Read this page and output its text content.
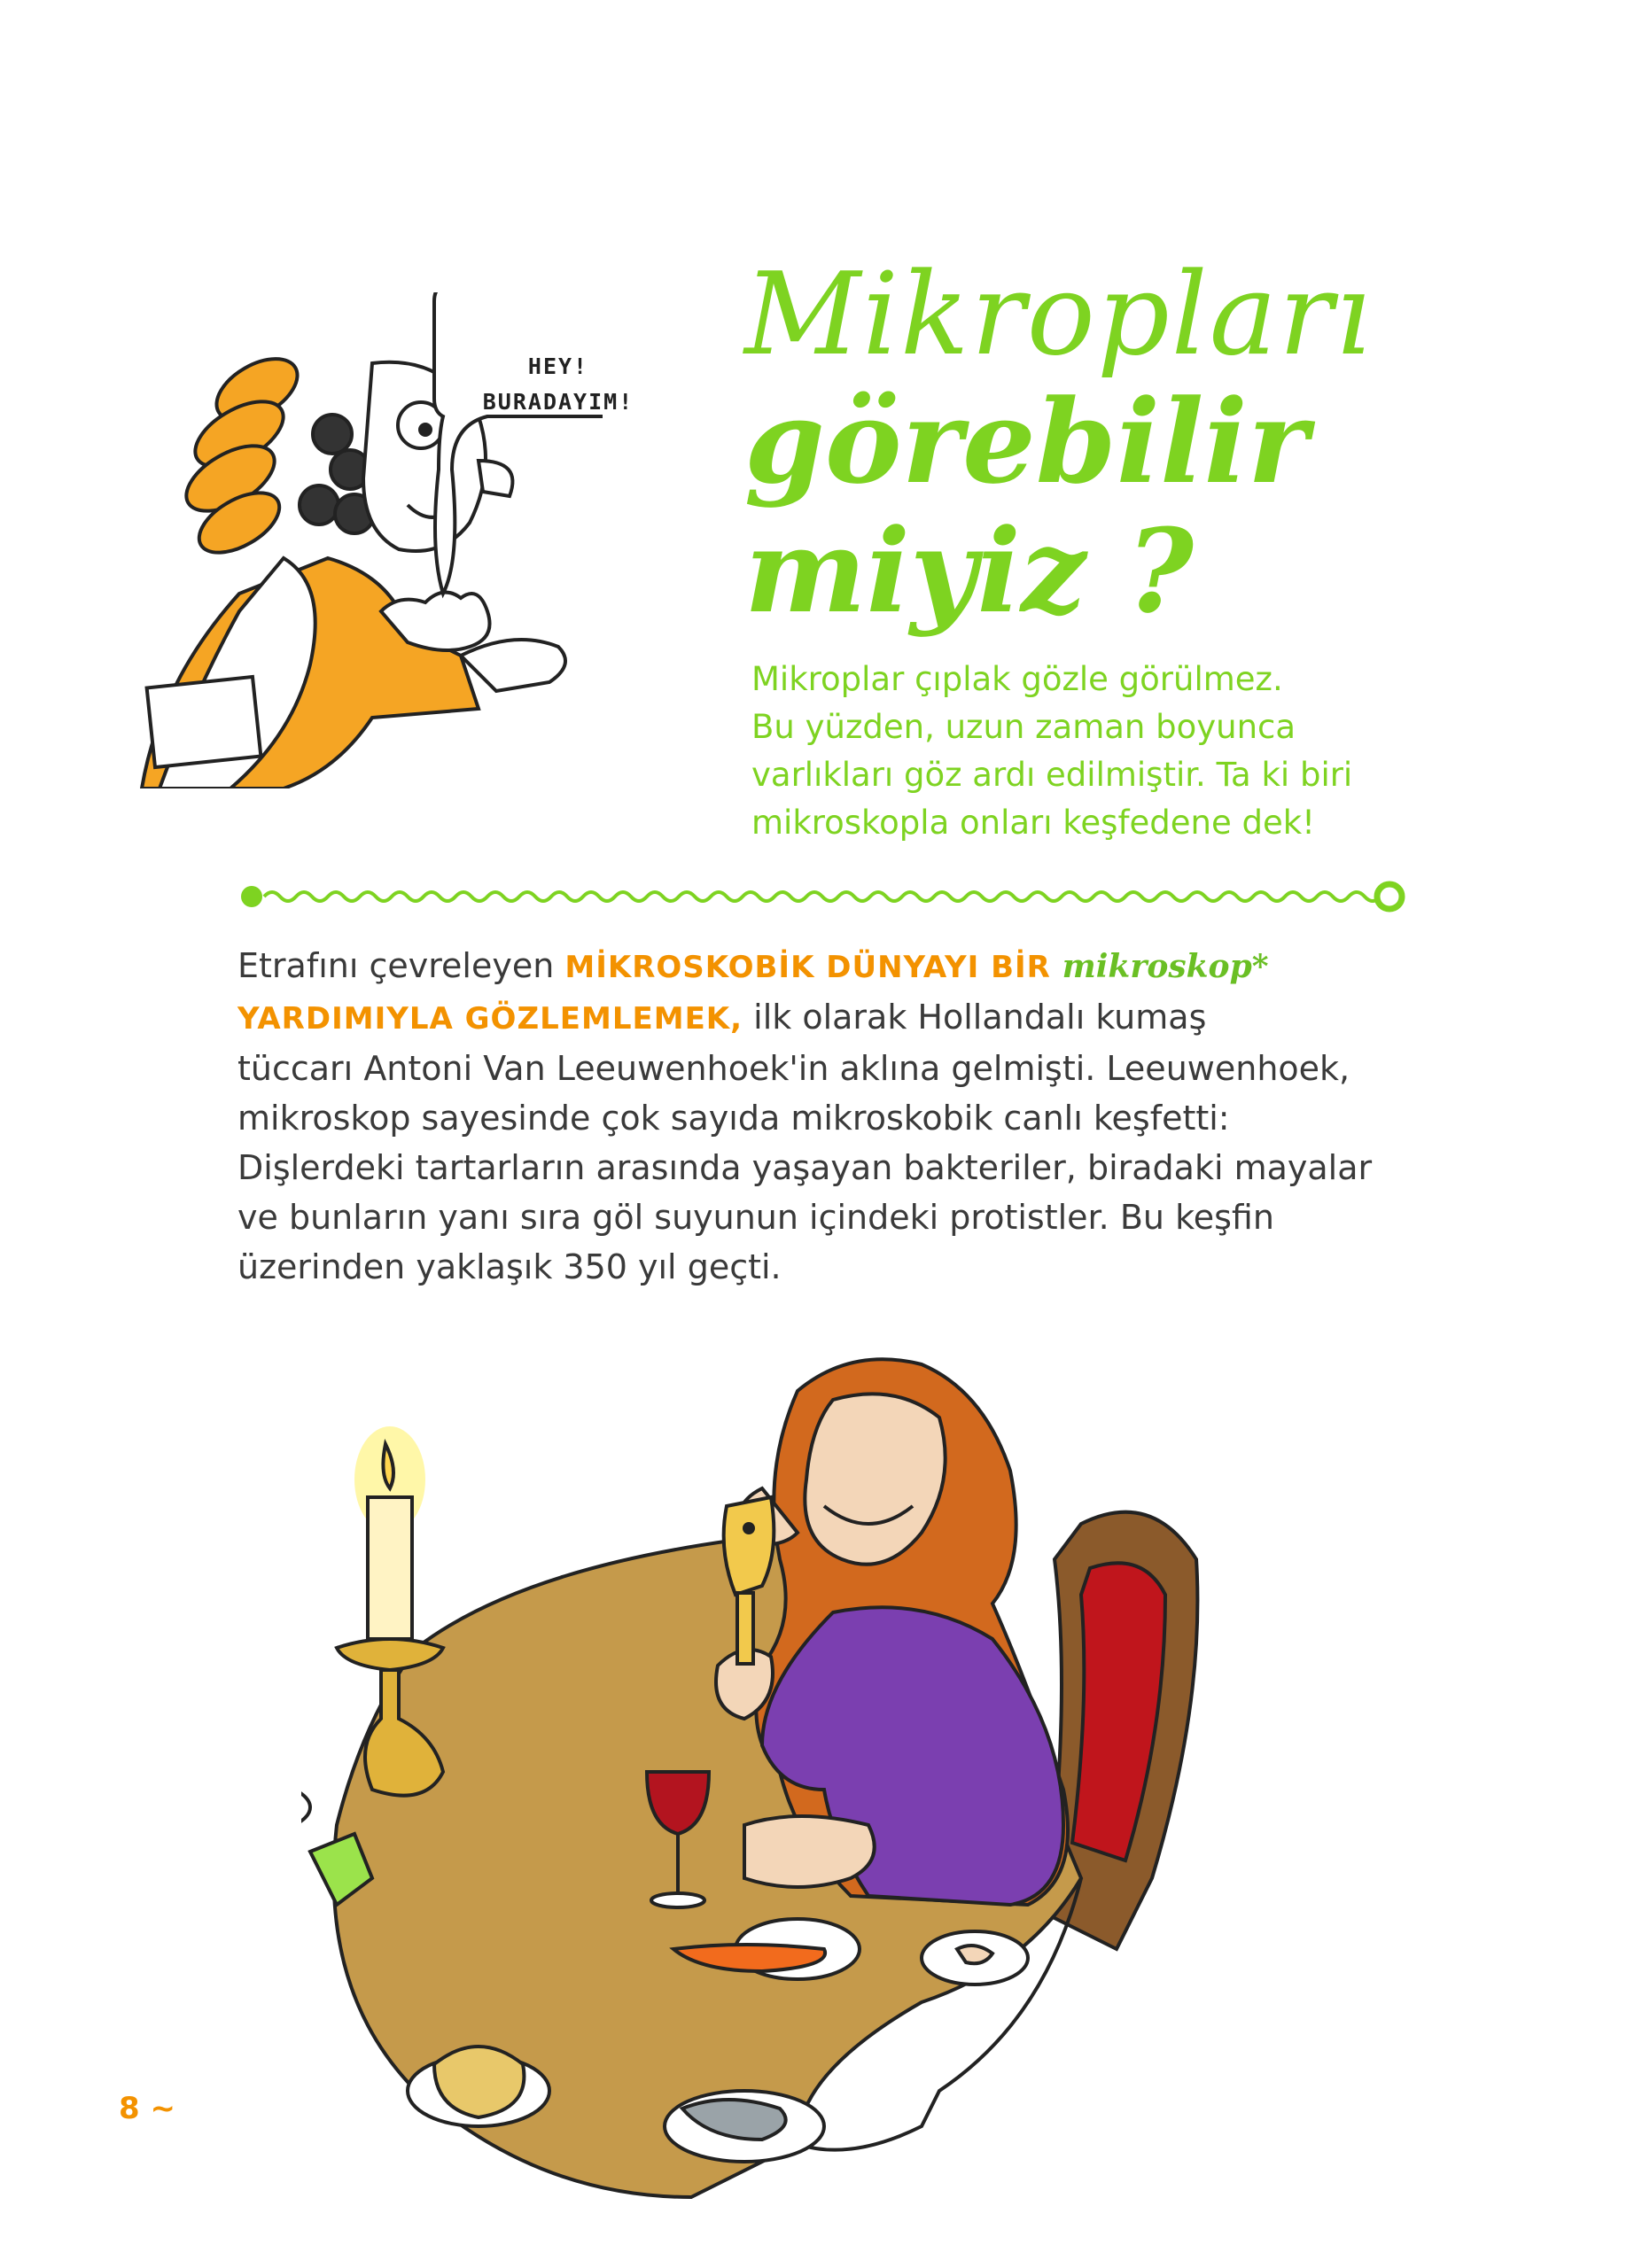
HEY!
BURADAYIM!
Mikropları
görebilir
miyiz ?
Mikroplar çıplak gözle görülmez.
Bu yüzden, uzun zaman boyunca
varlıkları göz ardı edilmiştir. Ta ki biri
mikroskopla onları keşfedene dek!
Etrafını çevreleyen MİKROSKOBİK DÜNYAYI BİR mikroskop*
YARDIMIYLA GÖZLEMLEMEK, ilk olarak Hollandalı kumaş
tüccarı Antoni Van Leeuwenhoek'in aklına gelmişti. Leeuwenhoek,
mikroskop sayesinde çok sayıda mikroskobik canlı keşfetti:
Dişlerdeki tartarların arasında yaşayan bakteriler, biradaki mayalar
ve bunların yanı sıra göl suyunun içindeki protistler. Bu keşfin
üzerinden yaklaşık 350 yıl geçti.
8 ~
